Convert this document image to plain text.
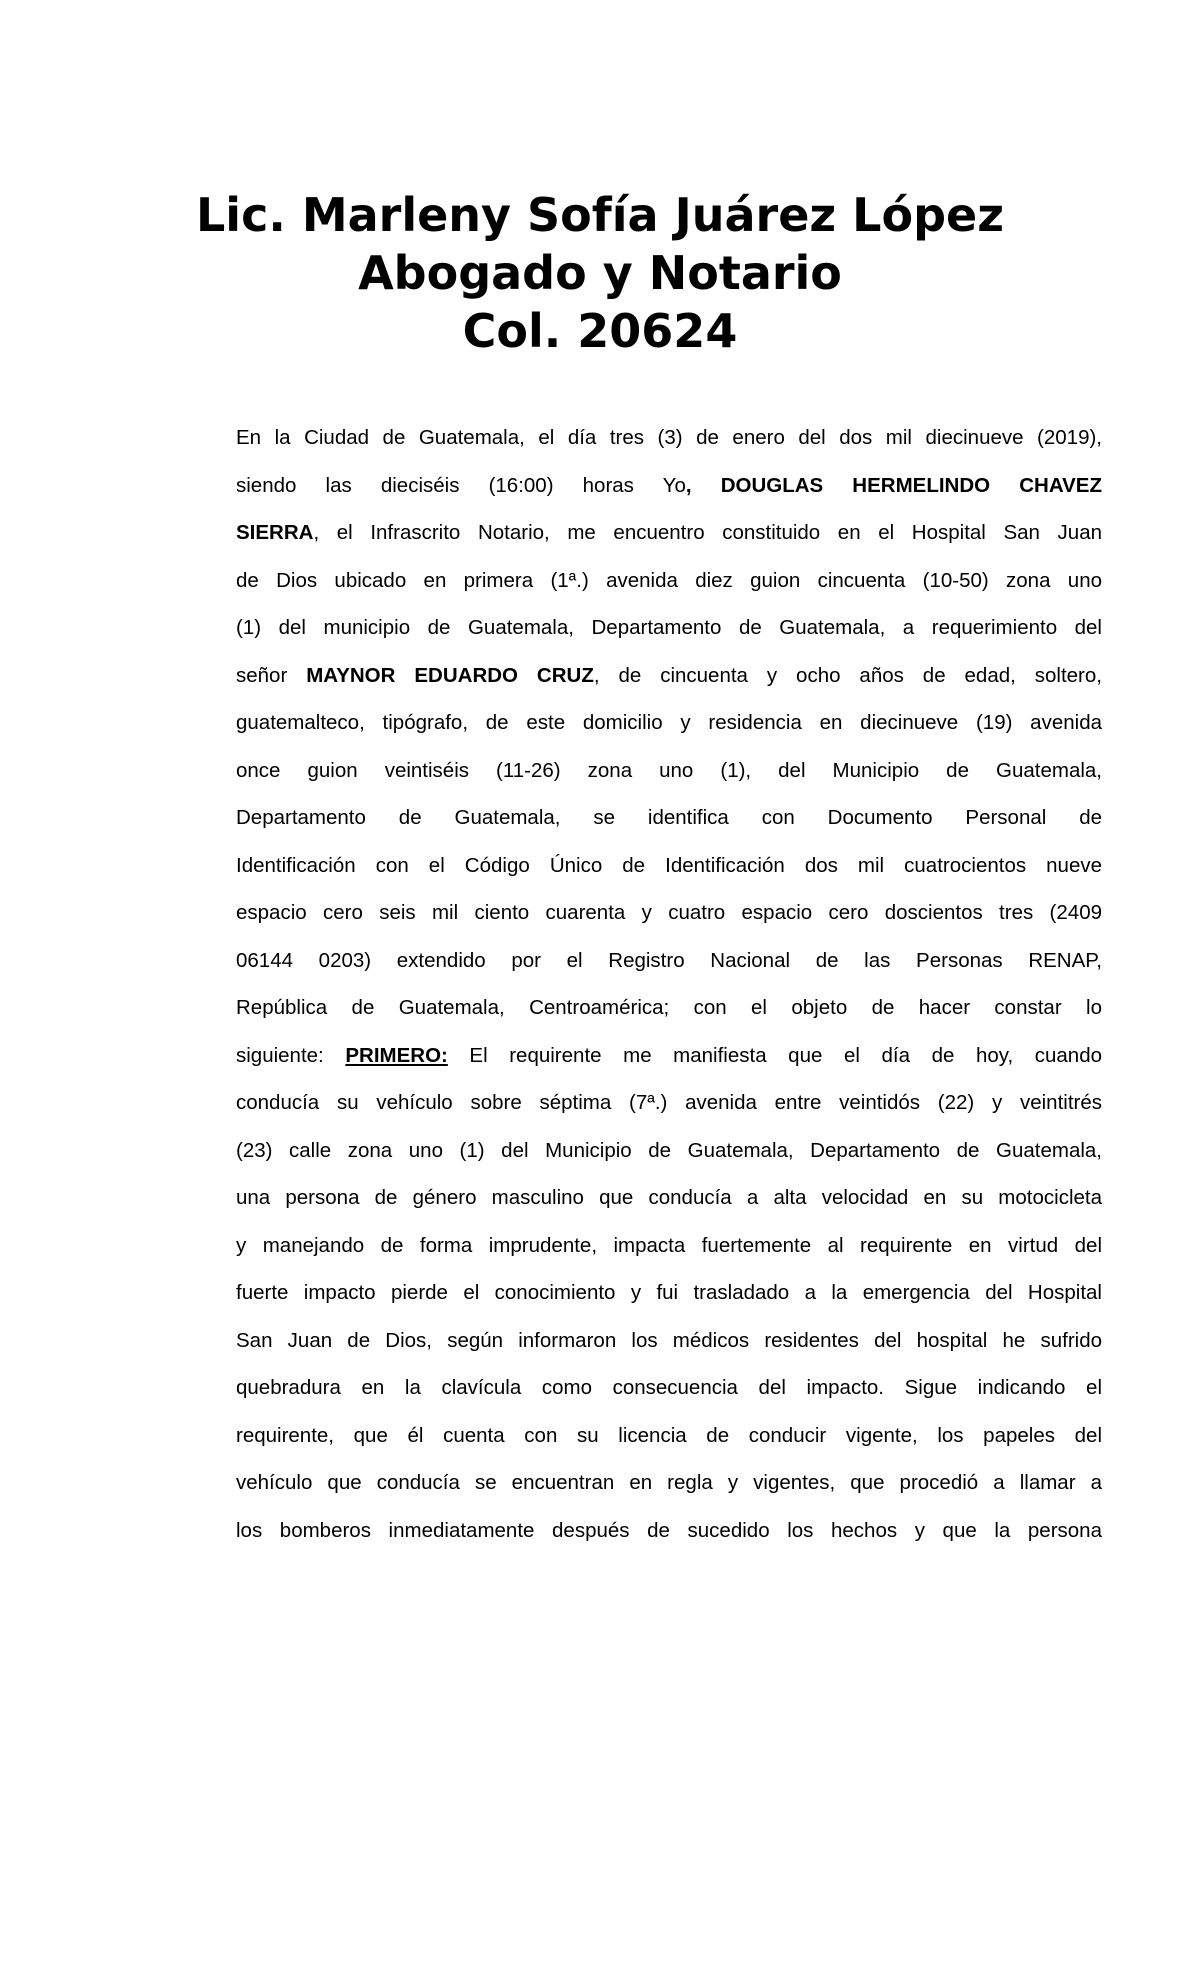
Lic. Marleny Sofía Juárez López
Abogado y Notario
Col. 20624
En la Ciudad de Guatemala, el día tres (3) de enero del dos mil diecinueve (2019),
siendo las dieciséis (16:00) horas Yo, DOUGLAS HERMELINDO CHAVEZ
SIERRA, el Infrascrito Notario, me encuentro constituido en el Hospital San Juan
de Dios ubicado en primera (1ª.) avenida diez guion cincuenta (10-50) zona uno
(1) del municipio de Guatemala, Departamento de Guatemala, a requerimiento del
señor MAYNOR EDUARDO CRUZ, de cincuenta y ocho años de edad, soltero,
guatemalteco, tipógrafo, de este domicilio y residencia en diecinueve (19) avenida
once guion veintiséis (11-26) zona uno (1), del Municipio de Guatemala,
Departamento de Guatemala, se identifica con Documento Personal de
Identificación con el Código Único de Identificación dos mil cuatrocientos nueve
espacio cero seis mil ciento cuarenta y cuatro espacio cero doscientos tres (2409
06144 0203) extendido por el Registro Nacional de las Personas RENAP,
República de Guatemala, Centroamérica; con el objeto de hacer constar lo
siguiente: PRIMERO: El requirente me manifiesta que el día de hoy, cuando
conducía su vehículo sobre séptima (7ª.) avenida entre veintidós (22) y veintitrés
(23) calle zona uno (1) del Municipio de Guatemala, Departamento de Guatemala,
una persona de género masculino que conducía a alta velocidad en su motocicleta
y manejando de forma imprudente, impacta fuertemente al requirente en virtud del
fuerte impacto pierde el conocimiento y fui trasladado a la emergencia del Hospital
San Juan de Dios, según informaron los médicos residentes del hospital he sufrido
quebradura en la clavícula como consecuencia del impacto. Sigue indicando el
requirente, que él cuenta con su licencia de conducir vigente, los papeles del
vehículo que conducía se encuentran en regla y vigentes, que procedió a llamar a
los bomberos inmediatamente después de sucedido los hechos y que la persona
